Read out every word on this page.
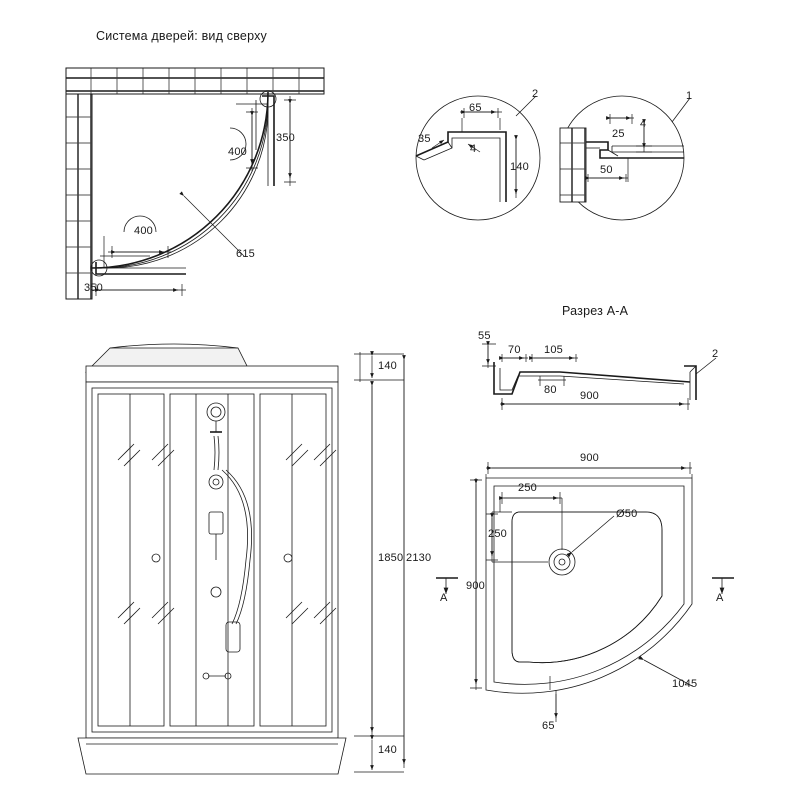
Система дверей: вид сверху
Разрез А-А
2	1
2
А	А
350
400
400
350
615
65
35
4
140
25
4
50
55
70 105
80 900
140
1850 2130
140
900
250
250
900
Ø50
1045
65
